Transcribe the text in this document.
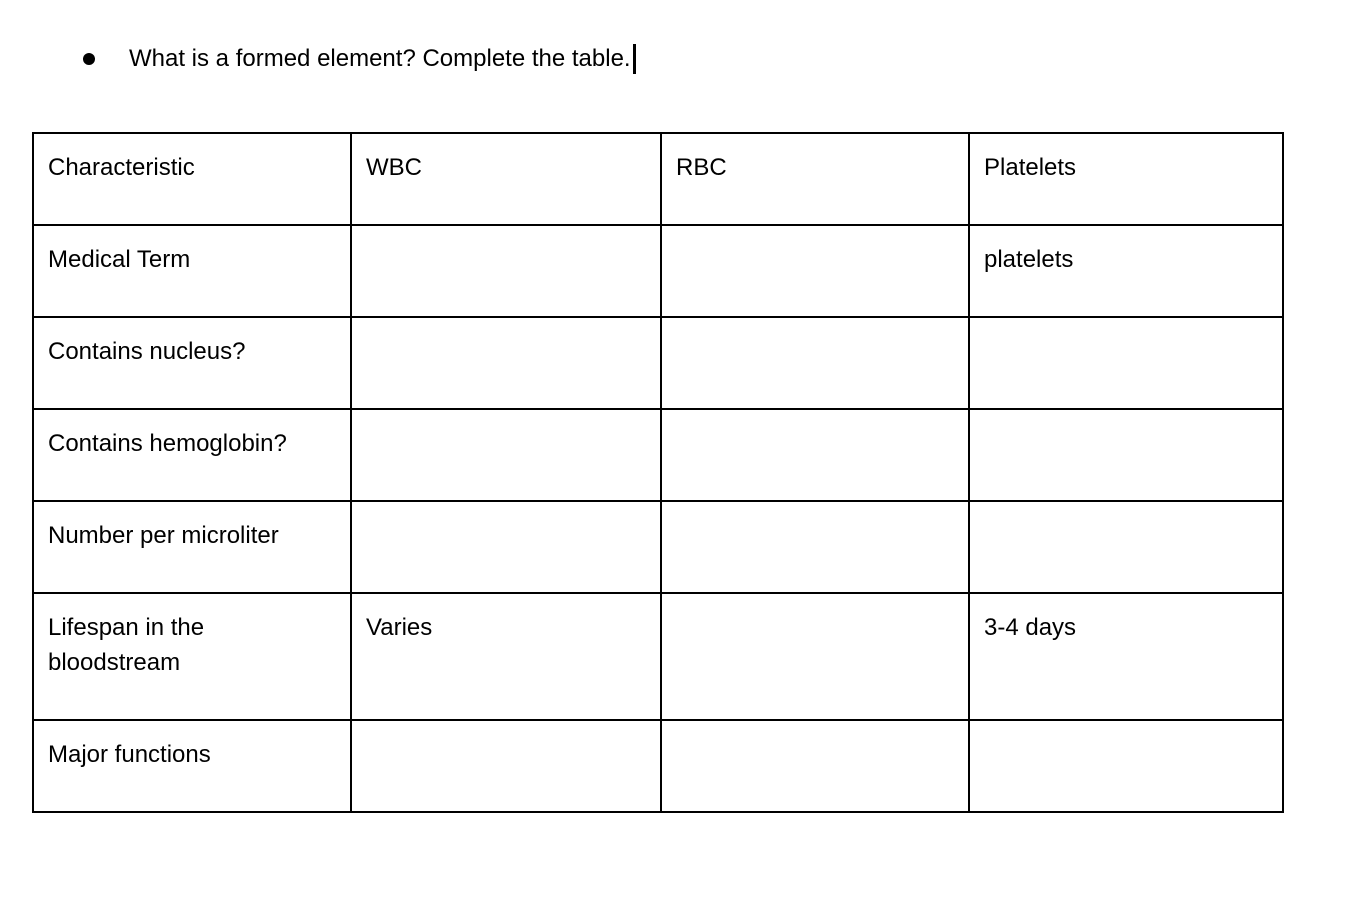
What is a formed element? Complete the table.
Characteristic	WBC	RBC	Platelets
Medical Term			platelets
Contains nucleus?			
Contains hemoglobin?			
Number per microliter			
Lifespan in the bloodstream	Varies		3-4 days
Major functions			
